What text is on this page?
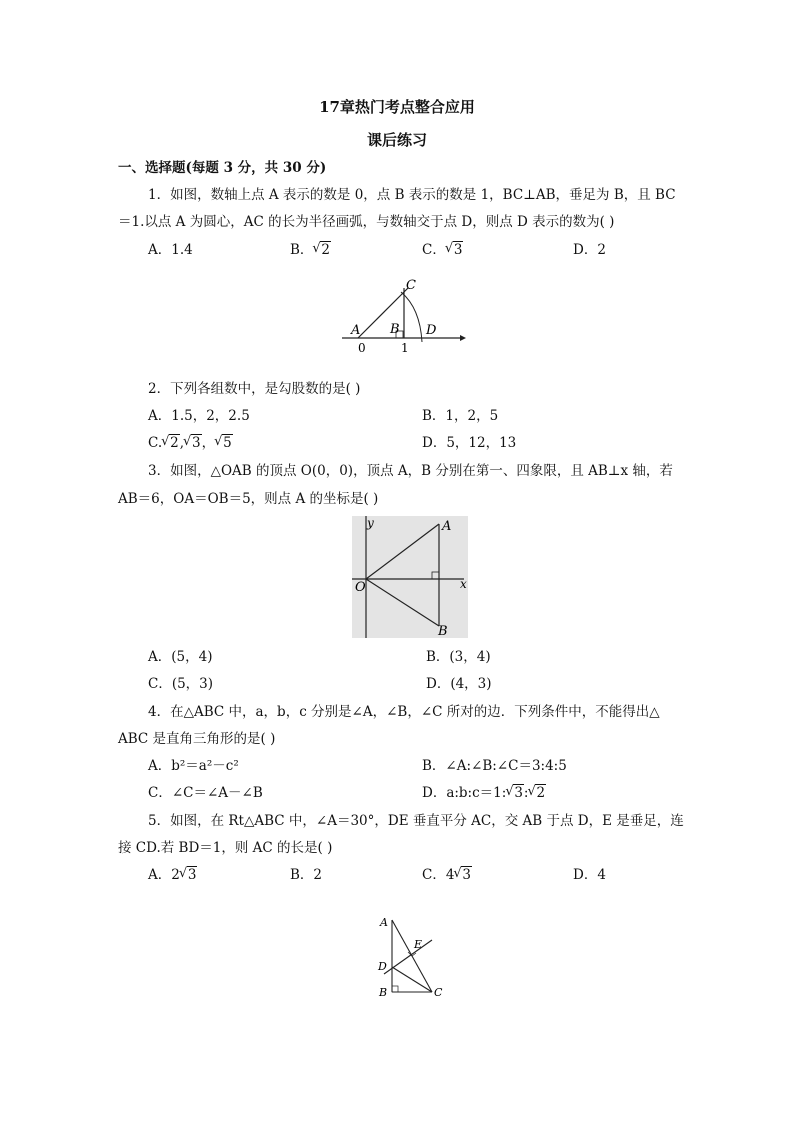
17章热门考点整合应用
课后练习
一、选择题(每题 3 分，共 30 分)
1．如图，数轴上点 A 表示的数是 0，点 B 表示的数是 1，BC⊥AB，垂足为 B，且 BC
＝1.以点 A 为圆心，AC 的长为半径画弧，与数轴交于点 D，则点 D 表示的数为( )
A．1.4	B． √ 2	C． √ 3	D．2
A B
C
D
0	1
2．下列各组数中，是勾股数的是( )
A．1.5，2，2.5	B．1，2，5
C. √ 2, √ 3， √ 5	D．5，12，13
3．如图，△OAB 的顶点 O(0，0)，顶点 A，B 分别在第一、四象限，且 AB⊥x 轴，若
AB＝6，OA＝OB＝5，则点 A 的坐标是( )
y
x
O
A
B
A．(5，4)	B．(3，4)
C．(5，3)	D．(4，3)
4．在△ABC 中，a，b，c 分别是∠A，∠B，∠C 所对的边．下列条件中，不能得出△
ABC 是直角三角形的是( )
A．b²＝a²－c²	B．∠A:∠B:∠C＝3:4:5
C．∠C＝∠A－∠B	D．a:b:c＝1: √ 3: √ 2
5．如图，在 Rt△ABC 中，∠A＝30°，DE 垂直平分 AC，交 AB 于点 D，E 是垂足，连
接 CD.若 BD＝1，则 AC 的长是( )
A．2 √ 3	B．2	C．4 √ 3	D．4
A
D
E
B	C
